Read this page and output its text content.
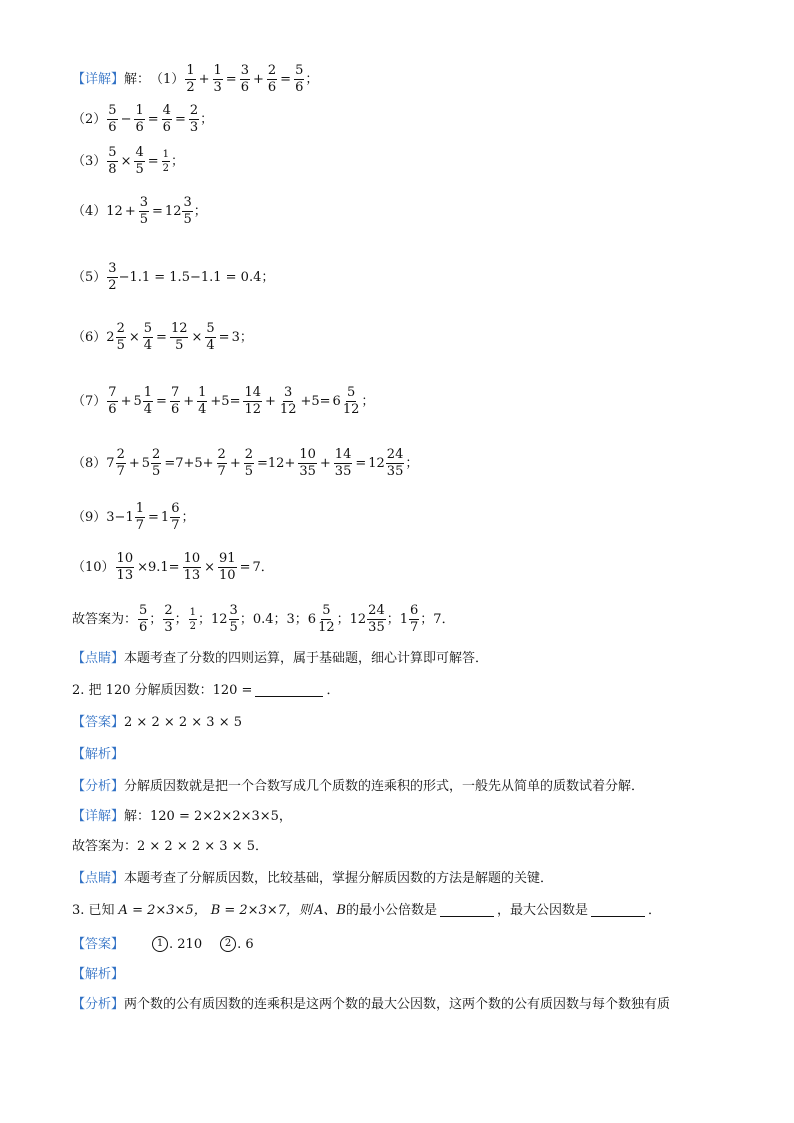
【详解】 解： $(1) \frac{1}{2} + \frac{1}{3} = \frac{3}{6} + \frac{2}{6} = \frac{5}{6}$ ；
$(2) \frac{5}{6} - \frac{1}{6} = \frac{4}{6} = \frac{2}{3}$ ；
$(3) \frac{5}{8} \times \frac{4}{5} = \frac{1}{2}$ ；
（4） $12 + \frac{3}{5} = 12 \frac{3}{5}$ ；
$(5) \frac{3}{2} -1.1 = 1.5-1.1 = 0.4$；
（6） $2 \frac{2}{5} \times \frac{5}{4} = \frac{12}{5} \times \frac{5}{4} = 3$；
$(7) \frac{7}{6} + 5 \frac{1}{4} = \frac{7}{6} + \frac{1}{4} +5= \frac{14}{12} + \frac{3}{12} +5= 6 \frac{5}{12}$ ；
（8） $7 \frac{2}{7} + 5 \frac{2}{5} =7+5+ \frac{2}{7} + \frac{2}{5} =12+ \frac{10}{35} + \frac{14}{35} = 12 \frac{24}{35}$ ；
（9） $3-1 \frac{1}{7} = 1 \frac{6}{7}$ ；
$(10) \frac{10}{13} \times 9.1= \frac{10}{13} \times \frac{91}{10} = 7$．
故答案为： $\frac{5}{6}$ ； $\frac{2}{3}$ ； $\frac{1}{2}$ ； $12 \frac{3}{5}$ ；0.4；3； $6 \frac{5}{12}$ ； $12 \frac{24}{35}$ ； $1 \frac{6}{7}$ ；7．
【点睛】 本题考查了分数的四则运算，属于基础题，细心计算即可解答．
2. 把 120 分解质因数：120 =	．
【答案】 2 × 2 × 2 × 3 × 5
【解析】
【分析】 分解质因数就是把一个合数写成几个质数的连乘积的形式，一般先从简单的质数试着分解．
【详解】 解：120 = 2×2×2×3×5，
故答案为：2 × 2 × 2 × 3 × 5．
【点睛】 本题考查了分解质因数，比较基础，掌握分解质因数的方法是解题的关键．
3. 已知 A = 2×3×5， B = 2×3×7，则 A、B 的最小公倍数是	，最大公因数是	．
【答案】	1 . 210	2 . 6
【解析】
【分析】 两个数的公有质因数的连乘积是这两个数的最大公因数，这两个数的公有质因数与每个数独有质
